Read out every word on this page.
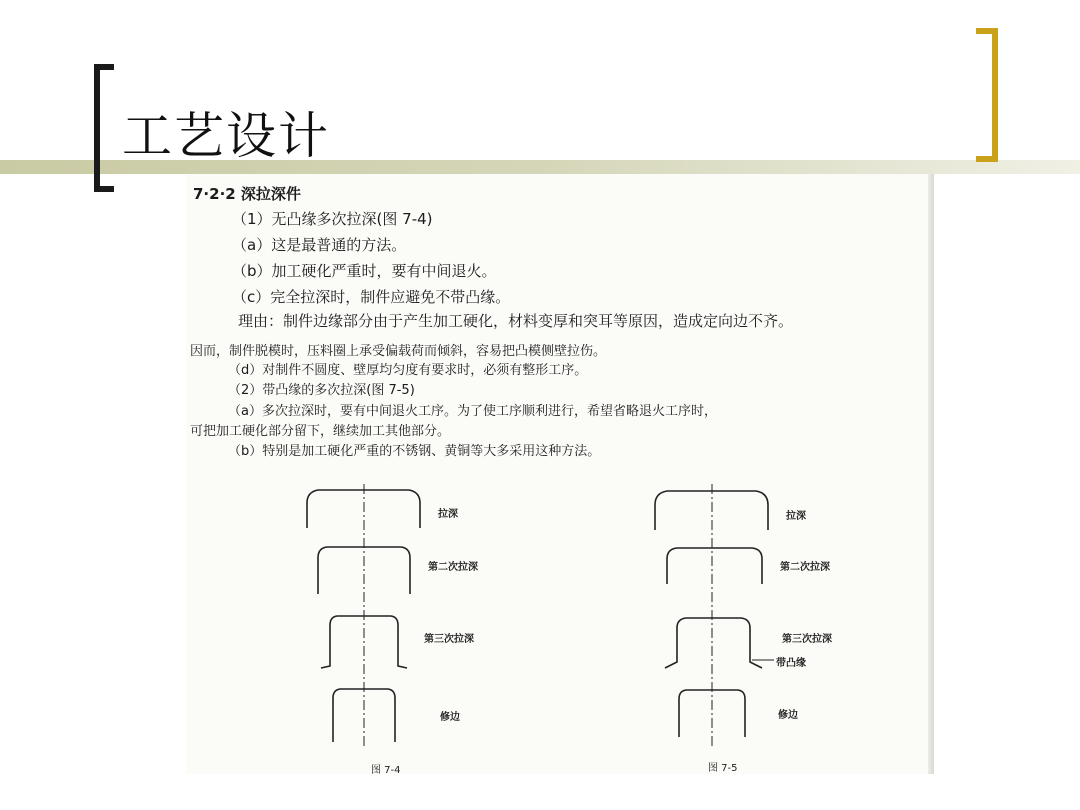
工艺设计
7·2·2 深拉深件
（1）无凸缘多次拉深(图 7-4)
（a）这是最普通的方法。
（b）加工硬化严重时，要有中间退火。
（c）完全拉深时，制件应避免不带凸缘。
理由：制件边缘部分由于产生加工硬化，材料变厚和突耳等原因，造成定向边不齐。
因而，制件脱模时，压料圈上承受偏载荷而倾斜，容易把凸模侧壁拉伤。
（d）对制件不圆度、壁厚均匀度有要求时，必须有整形工序。
（2）带凸缘的多次拉深(图 7-5)
（a）多次拉深时，要有中间退火工序。为了使工序顺利进行，希望省略退火工序时，
可把加工硬化部分留下，继续加工其他部分。
（b）特别是加工硬化严重的不锈钢、黄铜等大多采用这种方法。
拉深
第二次拉深
第三次拉深
修边
图 7-4
拉深
第二次拉深
第三次拉深
带凸缘
修边
图 7-5
